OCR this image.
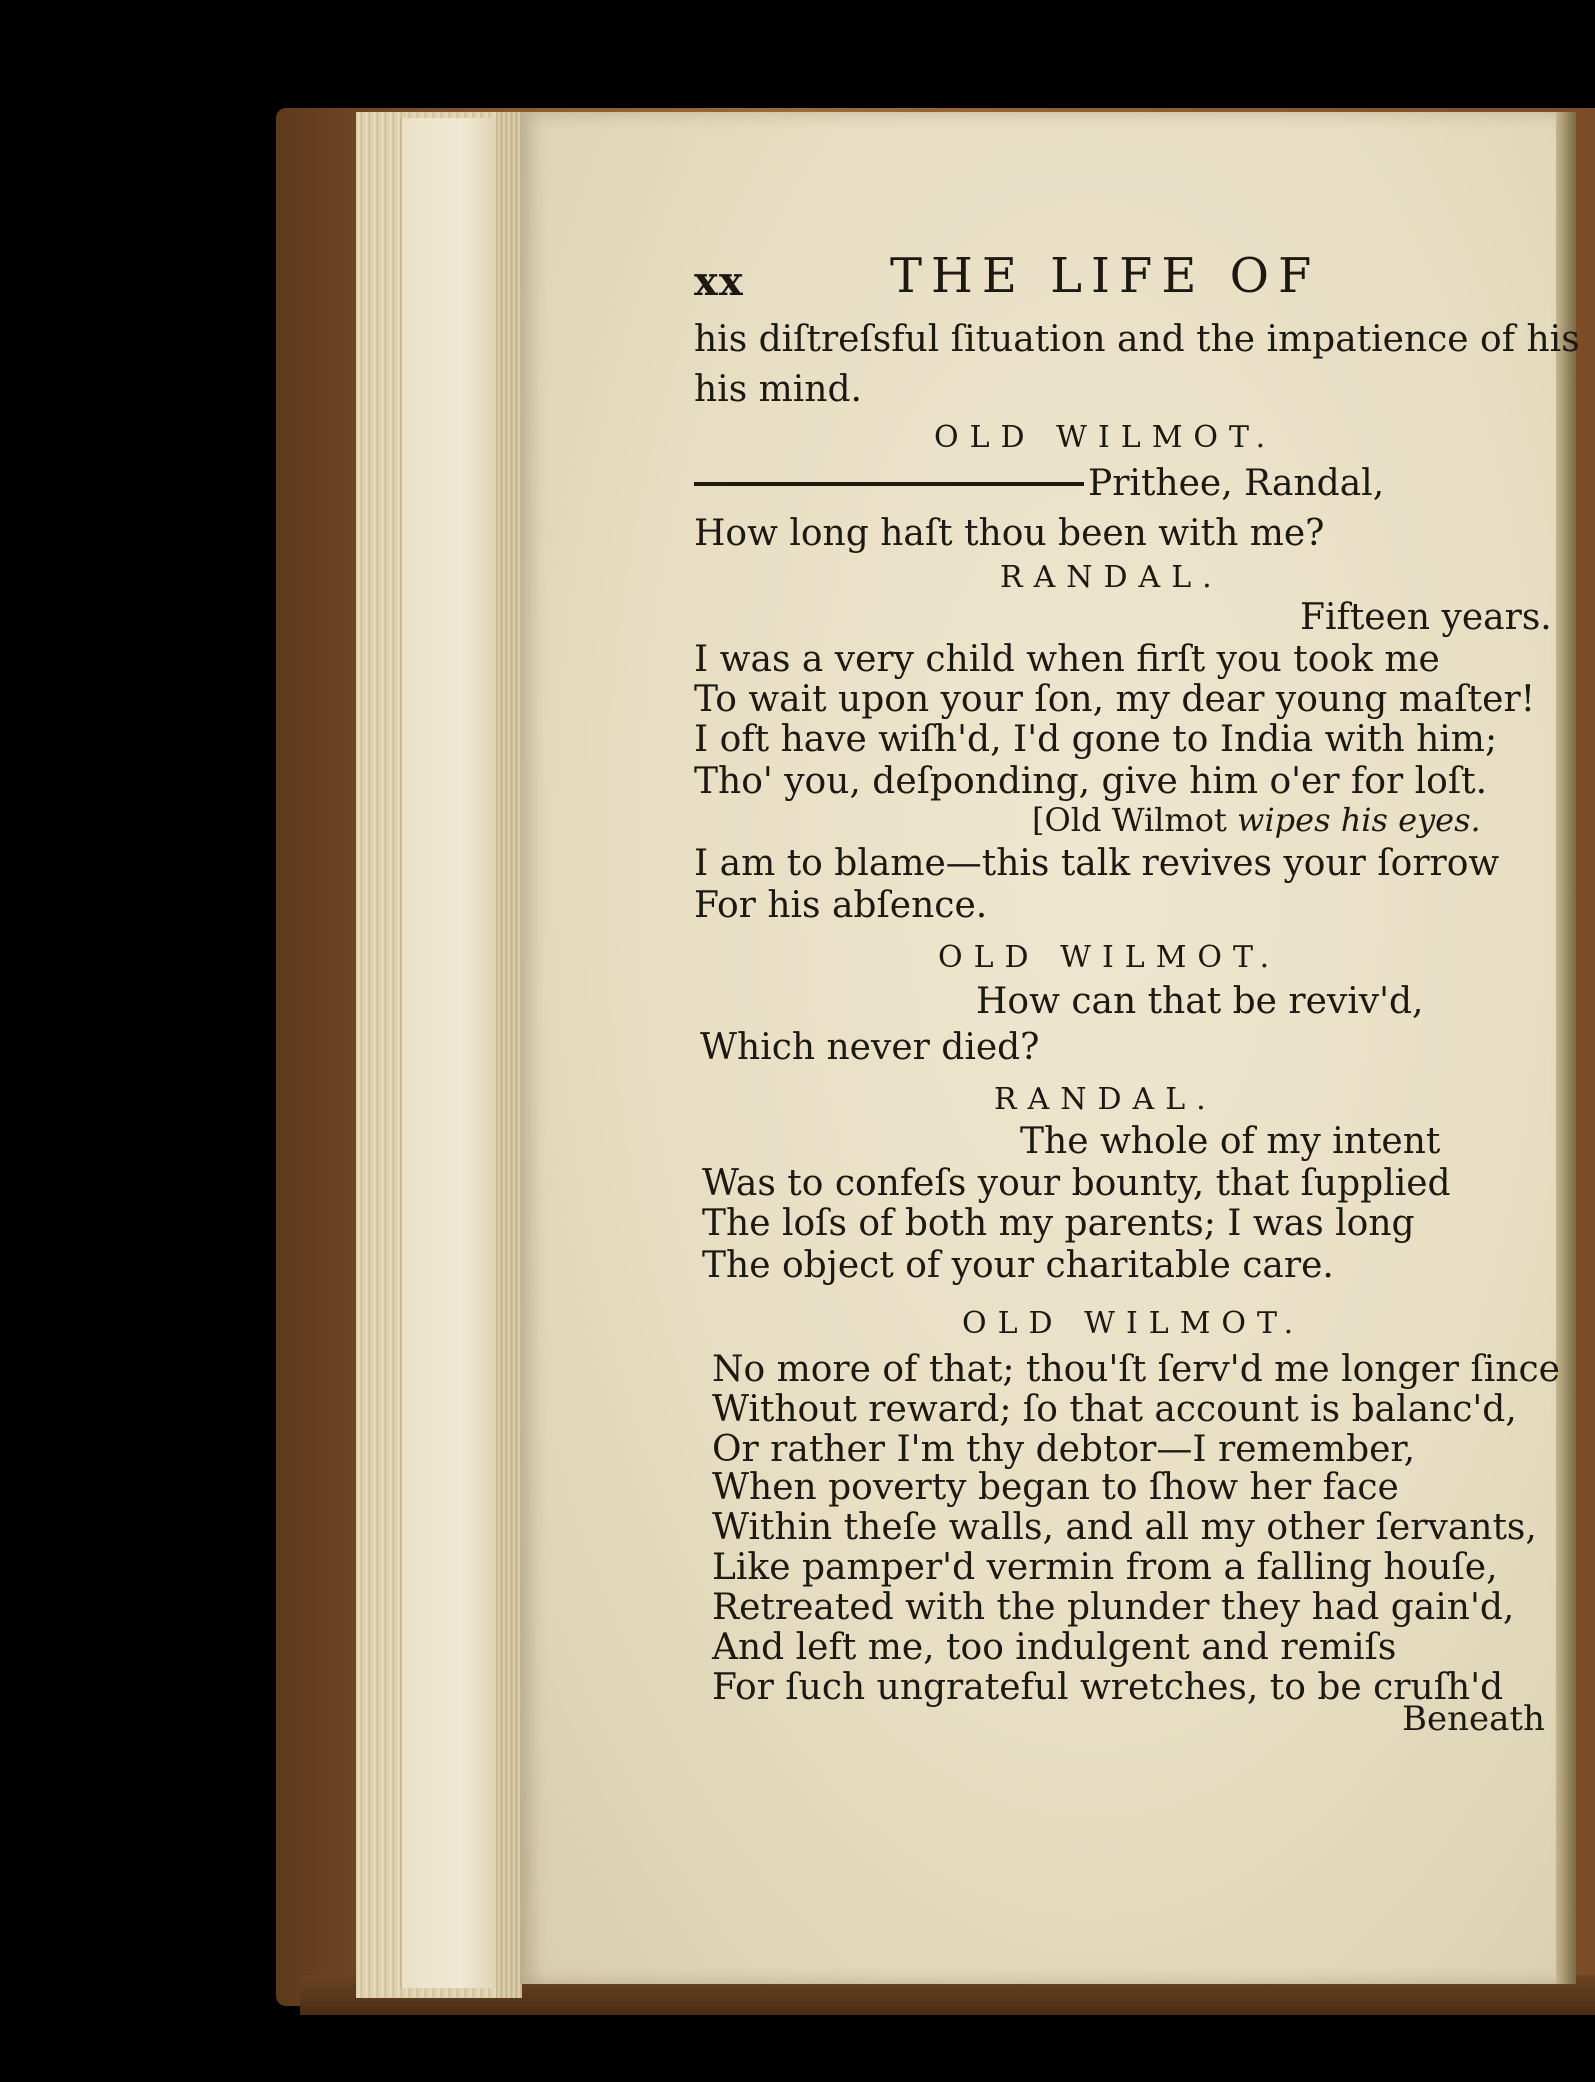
xx	THE LIFE OF
his diſtreſsful ſituation and the impatience of his
his mind.
OLD WILMOT.
Prithee, Randal,
How long haſt thou been with me?
RANDAL.
Fifteen years.
I was a very child when firſt you took me
To wait upon your ſon, my dear young maſter!
I oft have wiſh'd, I'd gone to India with him;
Tho' you, deſponding, give him o'er for loſt.
[Old Wilmot wipes his eyes.
I am to blame—this talk revives your ſorrow
For his abſence.
OLD WILMOT.
How can that be reviv'd,
Which never died?
RANDAL.
The whole of my intent
Was to confeſs your bounty, that ſupplied
The loſs of both my parents; I was long
The object of your charitable care.
OLD WILMOT.
No more of that; thou'ſt ſerv'd me longer ſince
Without reward; ſo that account is balanc'd,
Or rather I'm thy debtor—I remember,
When poverty began to ſhow her face
Within theſe walls, and all my other ſervants,
Like pamper'd vermin from a falling houſe,
Retreated with the plunder they had gain'd,
And left me, too indulgent and remiſs
For ſuch ungrateful wretches, to be cruſh'd
Beneath
